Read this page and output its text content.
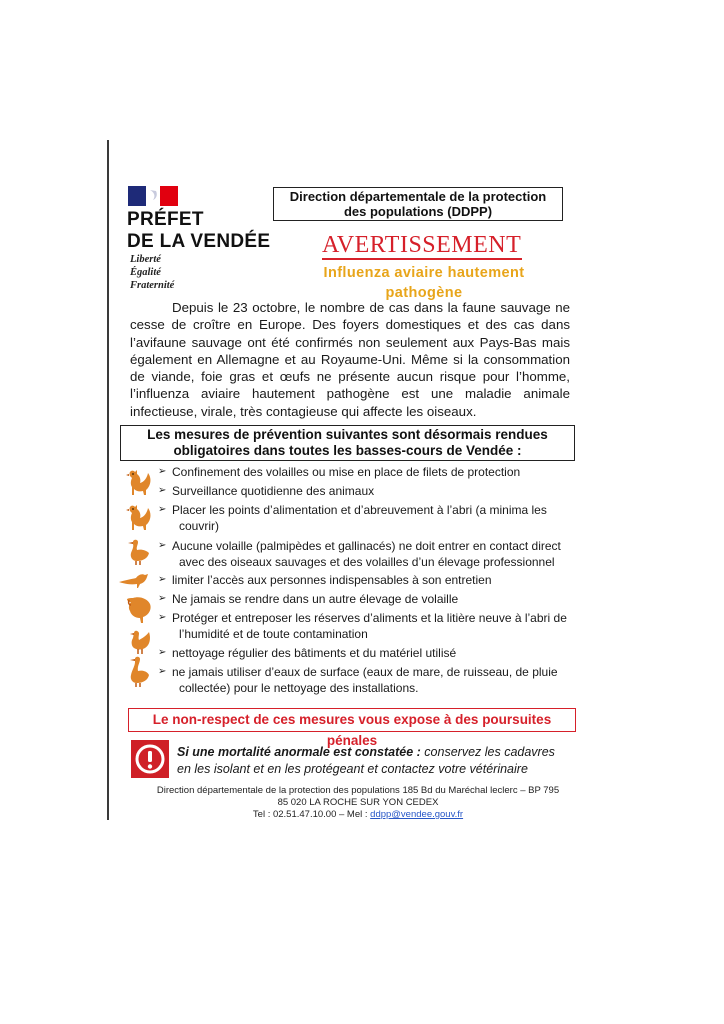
PRÉFET
DE LA VENDÉE
Liberté
Égalité
Fraternité
Direction départementale de la protection
des populations (DDPP)
AVERTISSEMENT
Influenza aviaire hautement
pathogène
Depuis le 23 octobre, le nombre de cas dans la faune sauvage ne cesse de croître en Europe. Des foyers domestiques et des cas dans l’avifaune sauvage ont été confirmés non seulement aux Pays-Bas mais également en Allemagne et au Royaume-Uni. Même si la consommation de viande, foie gras et œufs ne présente aucun risque pour l’homme, l’influenza aviaire hautement pathogène est une maladie animale infectieuse, virale, très contagieuse qui affecte les oiseaux.
Les mesures de prévention suivantes sont désormais rendues
obligatoires dans toutes les basses-cours de Vendée :
➢ Confinement des volailles ou mise en place de filets de protection
➢ Surveillance quotidienne des animaux
➢ Placer les points d’alimentation et d’abreuvement à l’abri (a minima les couvrir)
➢ Aucune volaille (palmipèdes et gallinacés) ne doit entrer en contact direct avec des oiseaux sauvages et des volailles d’un élevage professionnel
➢ limiter l’accès aux personnes indispensables à son entretien
➢ Ne jamais se rendre dans un autre élevage de volaille
➢ Protéger et entreposer les réserves d’aliments et la litière neuve à l’abri de l’humidité et de toute contamination
➢ nettoyage régulier des bâtiments et du matériel utilisé
➢ ne jamais utiliser d’eaux de surface (eaux de mare, de ruisseau, de pluie collectée) pour le nettoyage des installations.
Le non-respect de ces mesures vous expose à des poursuites pénales
Si une mortalité anormale est constatée : conservez les cadavres en les isolant et en les protégeant et contactez votre vétérinaire
Direction départementale de la protection des populations 185 Bd du Maréchal leclerc – BP 795
85 020 LA ROCHE SUR YON CEDEX
Tel : 02.51.47.10.00 – Mel : ddpp@vendee.gouv.fr
